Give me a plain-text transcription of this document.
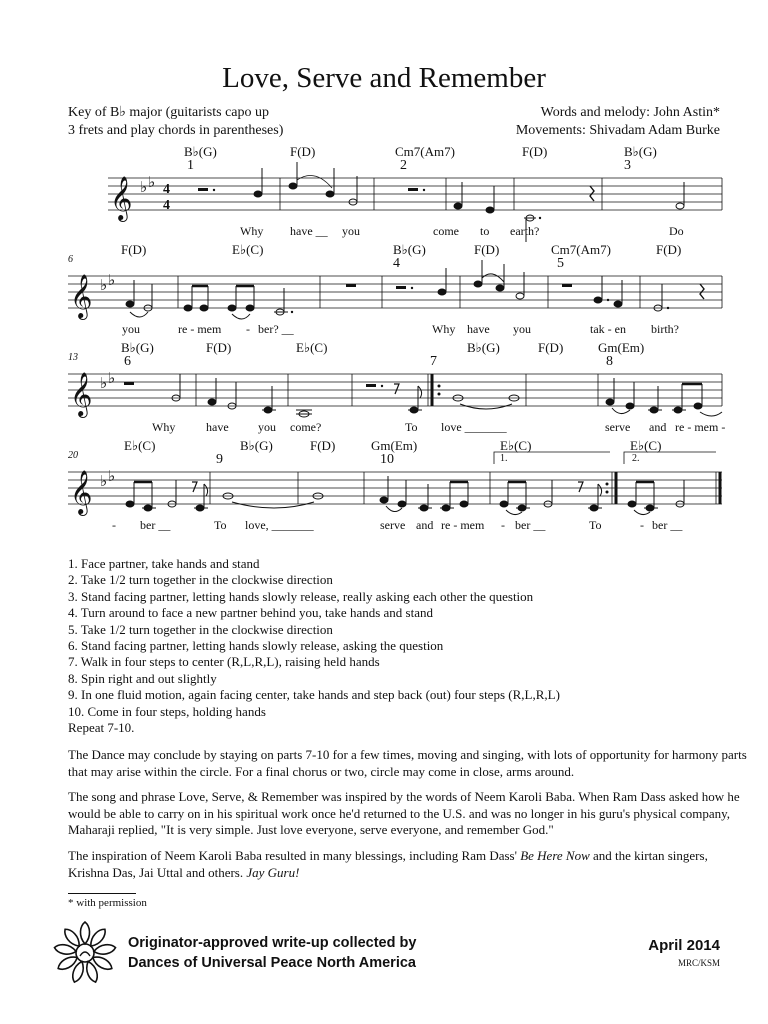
Love, Serve and Remember
Key of B♭ major (guitarists capo up
3 frets and play chords in parentheses)
Words and melody: John Astin*
Movements: Shivadam Adam Burke
B♭(G)
1
F(D)	Cm7(Am7)
2
F(D)	B♭(G)
3
𝄞 ♭ ♭ 4
4
Why have __ you	come to earth?	Do
6
F(D)	E♭(C)	B♭(G)
4
F(D)	Cm7(Am7)
5
F(D)
𝄞 ♭ ♭
you	re - mem - ber? __	Why have you	tak - en birth?
13
B♭(G)
6
F(D)	E♭(C)
7
B♭(G)	F(D)	Gm(Em)
8
𝄞 ♭ ♭
Why	have you come?	To love _______	serve and re - mem -
20
E♭(C)	B♭(G)
9
F(D)	Gm(Em)
10
E♭(C)	E♭(C)
1.	2.
𝄞 ♭ ♭
- ber __	To love, _______	serve and re - mem - ber __	To	- ber __
1. Face partner, take hands and stand
2. Take 1/2 turn together in the clockwise direction
3. Stand facing partner, letting hands slowly release, really asking each other the question
4. Turn around to face a new partner behind you, take hands and stand
5. Take 1/2 turn together in the clockwise direction
6. Stand facing partner, letting hands slowly release, asking the question
7. Walk in four steps to center (R,L,R,L), raising held hands
8. Spin right and out slightly
9. In one fluid motion, again facing center, take hands and step back (out) four steps (R,L,R,L)
10. Come in four steps, holding hands
Repeat 7-10.
The Dance may conclude by staying on parts 7-10 for a few times, moving and singing, with lots of opportunity for harmony parts that may arise within the circle. For a final chorus or two, circle may come in close, arms around.
The song and phrase Love, Serve, & Remember was inspired by the words of Neem Karoli Baba. When Ram Dass asked how he would be able to carry on in his spiritual work once he'd returned to the U.S. and was no longer in his guru's physical company, Maharaji replied, "It is very simple. Just love everyone, serve everyone, and remember God."
The inspiration of Neem Karoli Baba resulted in many blessings, including Ram Dass' Be Here Now and the kirtan singers, Krishna Das, Jai Uttal and others. Jay Guru!
* with permission
Originator-approved write-up collected by
Dances of Universal Peace North America
April 2014
MRC/KSM
